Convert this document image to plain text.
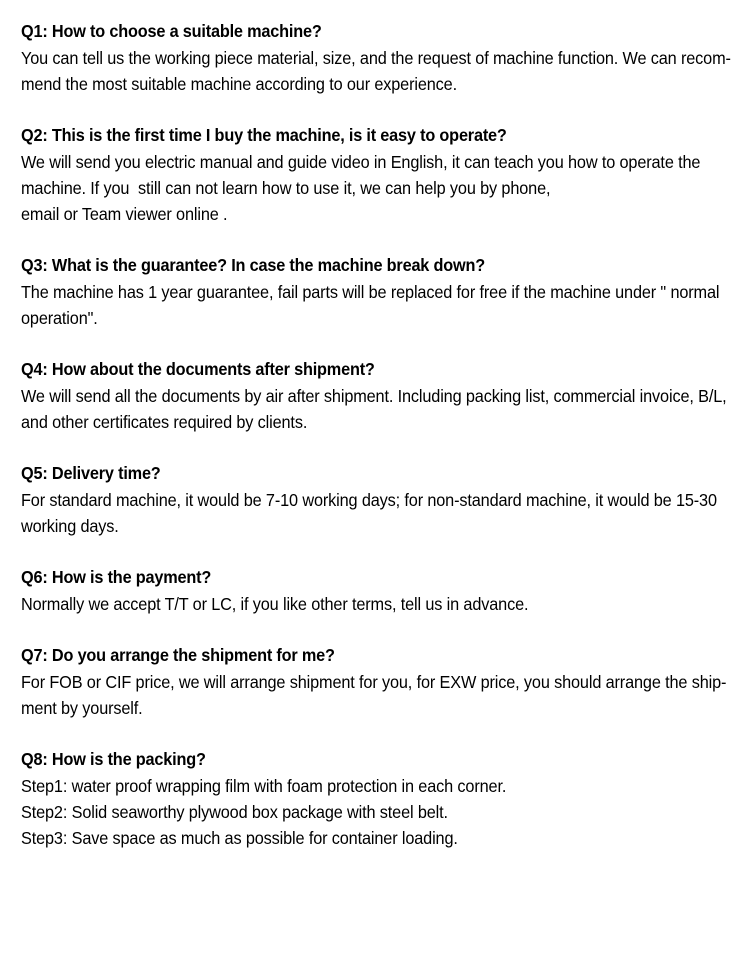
Q1: How to choose a suitable machine?
You can tell us the working piece material, size, and the request of machine function. We can recom-
mend the most suitable machine according to our experience.
Q2: This is the first time I buy the machine, is it easy to operate?
We will send you electric manual and guide video in English, it can teach you how to operate the
machine. If you  still can not learn how to use it, we can help you by phone,
email or Team viewer online .
Q3: What is the guarantee? In case the machine break down?
The machine has 1 year guarantee, fail parts will be replaced for free if the machine under " normal
operation".
Q4: How about the documents after shipment?
We will send all the documents by air after shipment. Including packing list, commercial invoice, B/L,
and other certificates required by clients.
Q5: Delivery time?
For standard machine, it would be 7-10 working days; for non-standard machine, it would be 15-30
working days.
Q6: How is the payment?
Normally we accept T/T or LC, if you like other terms, tell us in advance.
Q7: Do you arrange the shipment for me?
For FOB or CIF price, we will arrange shipment for you, for EXW price, you should arrange the ship-
ment by yourself.
Q8: How is the packing?
Step1: water proof wrapping film with foam protection in each corner.
Step2: Solid seaworthy plywood box package with steel belt.
Step3: Save space as much as possible for container loading.
